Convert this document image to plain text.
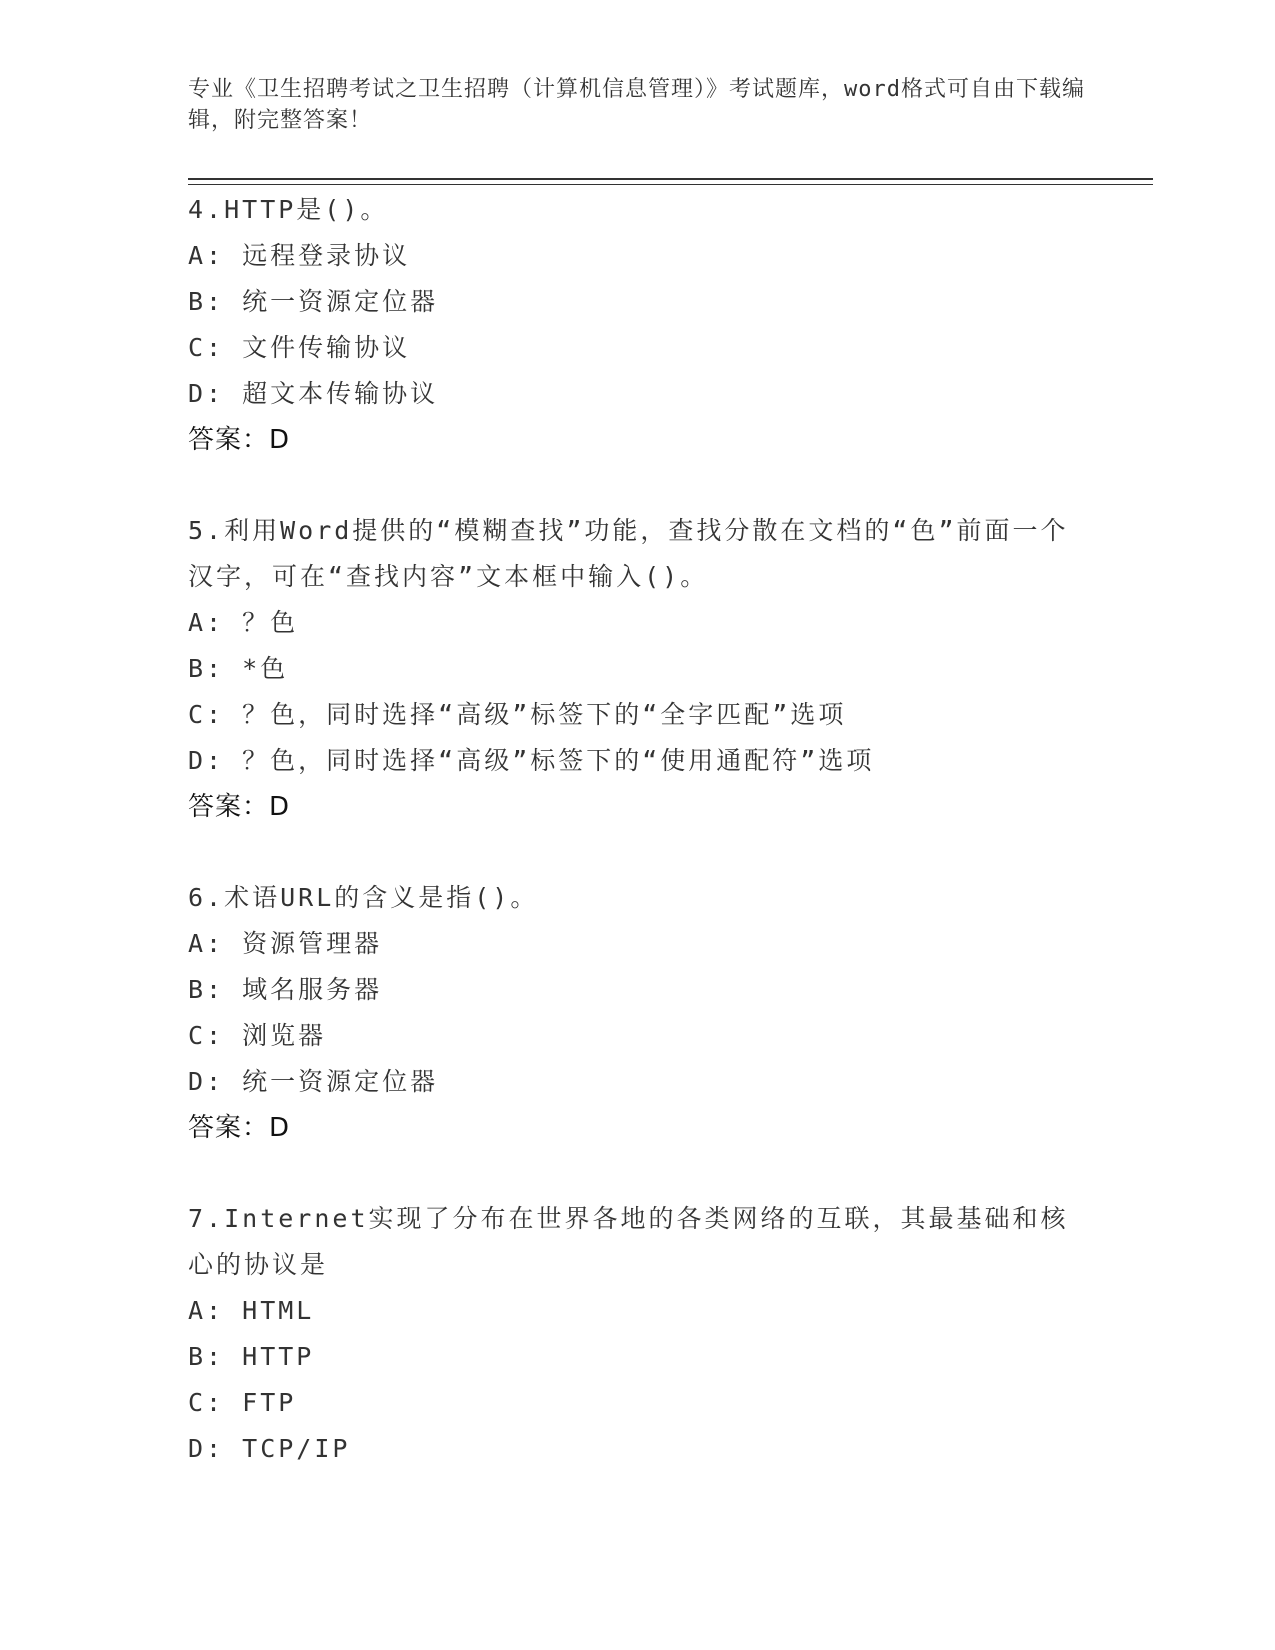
专业《卫生招聘考试之卫生招聘（计算机信息管理）》考试题库，word格式可自由下载编辑，附完整答案！
4.HTTP是()。
A: 远程登录协议
B: 统一资源定位器
C: 文件传输协议
D: 超文本传输协议
答案：D
5.利用Word提供的“模糊查找”功能，查找分散在文档的“色”前面一个汉字，可在“查找内容”文本框中输入()。
A: ？色
B: *色
C: ？色，同时选择“高级”标签下的“全字匹配”选项
D: ？色，同时选择“高级”标签下的“使用通配符”选项
答案：D
6.术语URL的含义是指()。
A: 资源管理器
B: 域名服务器
C: 浏览器
D: 统一资源定位器
答案：D
7.Internet实现了分布在世界各地的各类网络的互联，其最基础和核心的协议是
A: HTML
B: HTTP
C: FTP
D: TCP/IP
